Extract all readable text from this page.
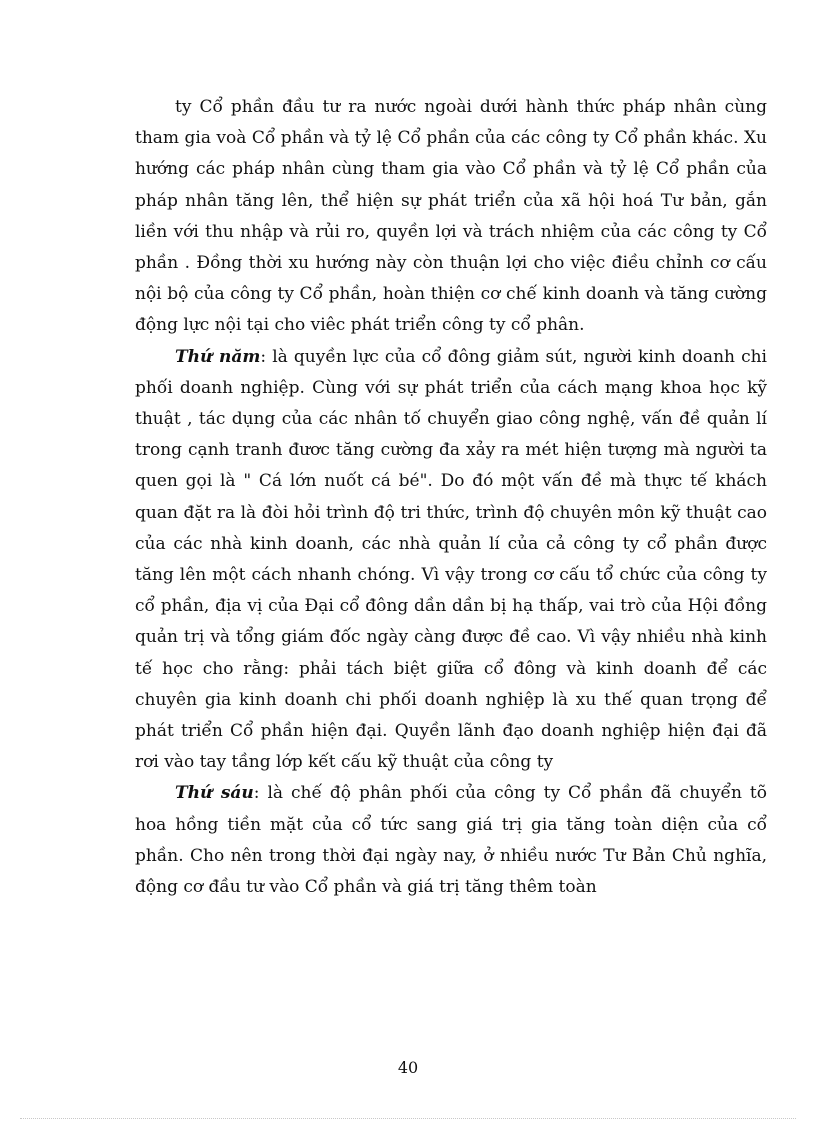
ty Cổ phần đầu tư ra nước ngoài dưới hành thức pháp nhân cùng tham gia voà Cổ phần và tỷ lệ Cổ phần của các công ty Cổ phần khác. Xu hướng các pháp nhân cùng tham gia vào Cổ phần và tỷ lệ Cổ phần của pháp nhân tăng lên, thể hiện sự phát triển của xã hội hoá Tư bản, gắn liền với thu nhập và rủi ro, quyền lợi và trách nhiệm của các công ty Cổ phần . Đồng thời xu hướng này còn thuận lợi cho việc điều chỉnh cơ cấu nội bộ của công ty Cổ phần, hoàn thiện cơ chế kinh doanh và tăng cường động lực nội tại cho viêc phát triển công ty cổ phân.

Thứ năm: là quyền lực của cổ đông giảm sút, người kinh doanh chi phối doanh nghiệp. Cùng với sự phát triển của cách mạng khoa học kỹ thuật , tác dụng của các nhân tố chuyển giao công nghệ, vấn đề quản lí trong cạnh tranh đươc tăng cường đa xảy ra mét hiện tượng mà người ta quen gọi là " Cá lớn nuốt cá bé". Do đó một vấn đề mà thực tế khách quan đặt ra là đòi hỏi trình độ tri thức, trình độ chuyên môn kỹ thuật cao của các nhà kinh doanh, các nhà quản lí của cả công ty cổ phần được tăng lên một cách nhanh chóng. Vì vậy trong cơ cấu tổ chức của công ty cổ phần, địa vị của Đại cổ đông dần dần bị hạ thấp, vai trò của Hội đồng quản trị và tổng giám đốc ngày càng được đề cao. Vì vậy nhiều nhà kinh tế học cho rằng: phải tách biệt giữa cổ đông và kinh doanh để các chuyên gia kinh doanh chi phối doanh nghiệp là xu thế quan trọng để phát triển Cổ phần hiện đại. Quyền lãnh đạo doanh nghiệp hiện đại đã rơi vào tay tầng lớp kết cấu kỹ thuật của công ty

Thứ sáu: là chế độ phân phối của công ty Cổ phần đã chuyển tõ hoa hồng tiền mặt của cổ tức sang giá trị gia tăng toàn diện của cổ phần. Cho nên trong thời đại ngày nay, ở nhiều nước Tư Bản Chủ nghĩa, động cơ đầu tư vào Cổ phần và giá trị tăng thêm toàn

40
